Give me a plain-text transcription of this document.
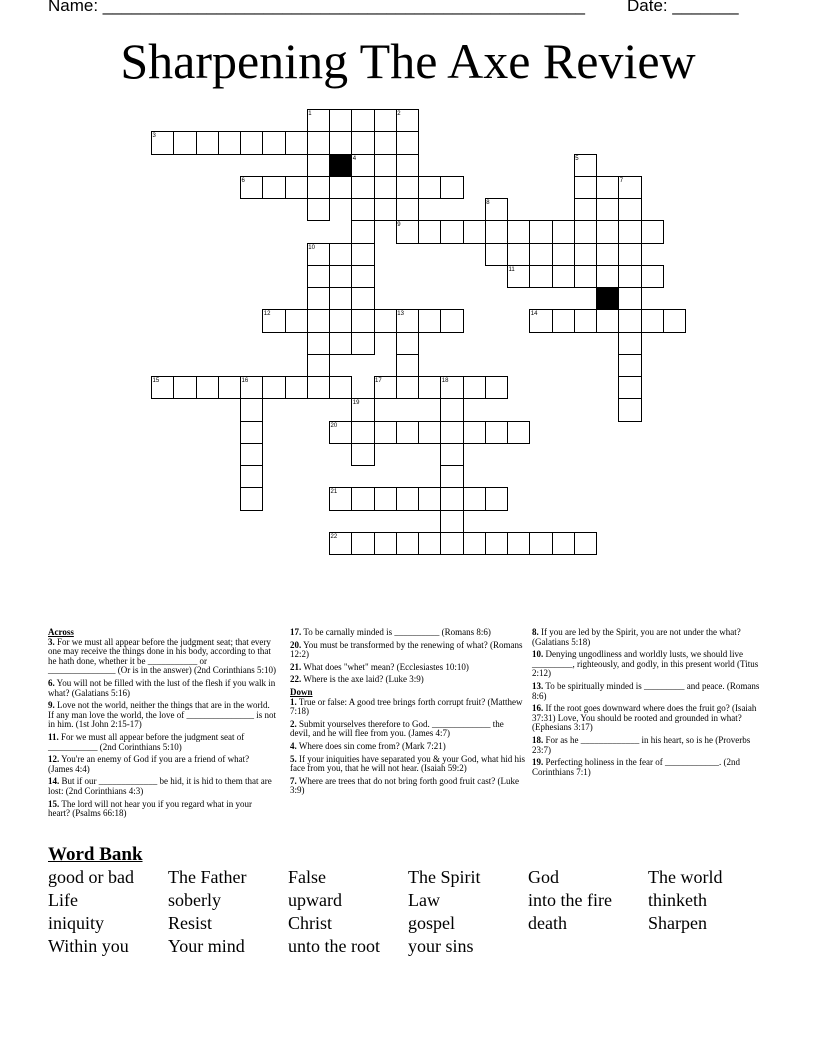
Name: ___________________________________________________ Date: _______
Sharpening The Axe Review
1	2
3
4	5
6	7
8
9
10
11
12	13	14
15	16	17	18
19
20
21
22
Across
3. For we must all appear before the judgment seat; that every one may receive the things done in his body, according to that he hath done, whether it be ___________ or _______________ (Or is in the answer) (2nd Corinthians 5:10)
6. You will not be filled with the lust of the flesh if you walk in what? (Galatians 5:16)
9. Love not the world, neither the things that are in the world. If any man love the world, the love of _______________ is not in him. (1st John 2:15-17)
11. For we must all appear before the judgment seat of ___________ (2nd Corinthians 5:10)
12. You're an enemy of God if you are a friend of what? (James 4:4)
14. But if our _____________ be hid, it is hid to them that are lost: (2nd Corinthians 4:3)
15. The lord will not hear you if you regard what in your heart? (Psalms 66:18)
17. To be carnally minded is __________ (Romans 8:6)
20. You must be transformed by the renewing of what? (Romans 12:2)
21. What does "whet" mean? (Ecclesiastes 10:10)
22. Where is the axe laid? (Luke 3:9)
Down
1. True or false: A good tree brings forth corrupt fruit? (Matthew 7:18)
2. Submit yourselves therefore to God. _____________ the devil, and he will flee from you. (James 4:7)
4. Where does sin come from? (Mark 7:21)
5. If your iniquities have separated you & your God, what hid his face from you, that he will not hear. (Isaiah 59:2)
7. Where are trees that do not bring forth good fruit cast? (Luke 3:9)
8. If you are led by the Spirit, you are not under the what? (Galatians 5:18)
10. Denying ungodliness and worldly lusts, we should live _________, righteously, and godly, in this present world (Titus 2:12)
13. To be spiritually minded is _________ and peace. (Romans 8:6)
16. If the root goes downward where does the fruit go? (Isaiah 37:31) Love, You should be rooted and grounded in what? (Ephesians 3:17)
18. For as he _____________ in his heart, so is he (Proverbs 23:7)
19. Perfecting holiness in the fear of ____________. (2nd Corinthians 7:1)
Word Bank
good or bad	The Father	False	The Spirit	God	The world
Life	soberly	upward	Law	into the fire	thinketh
iniquity	Resist	Christ	gospel	death	Sharpen
Within you	Your mind	unto the root	your sins
